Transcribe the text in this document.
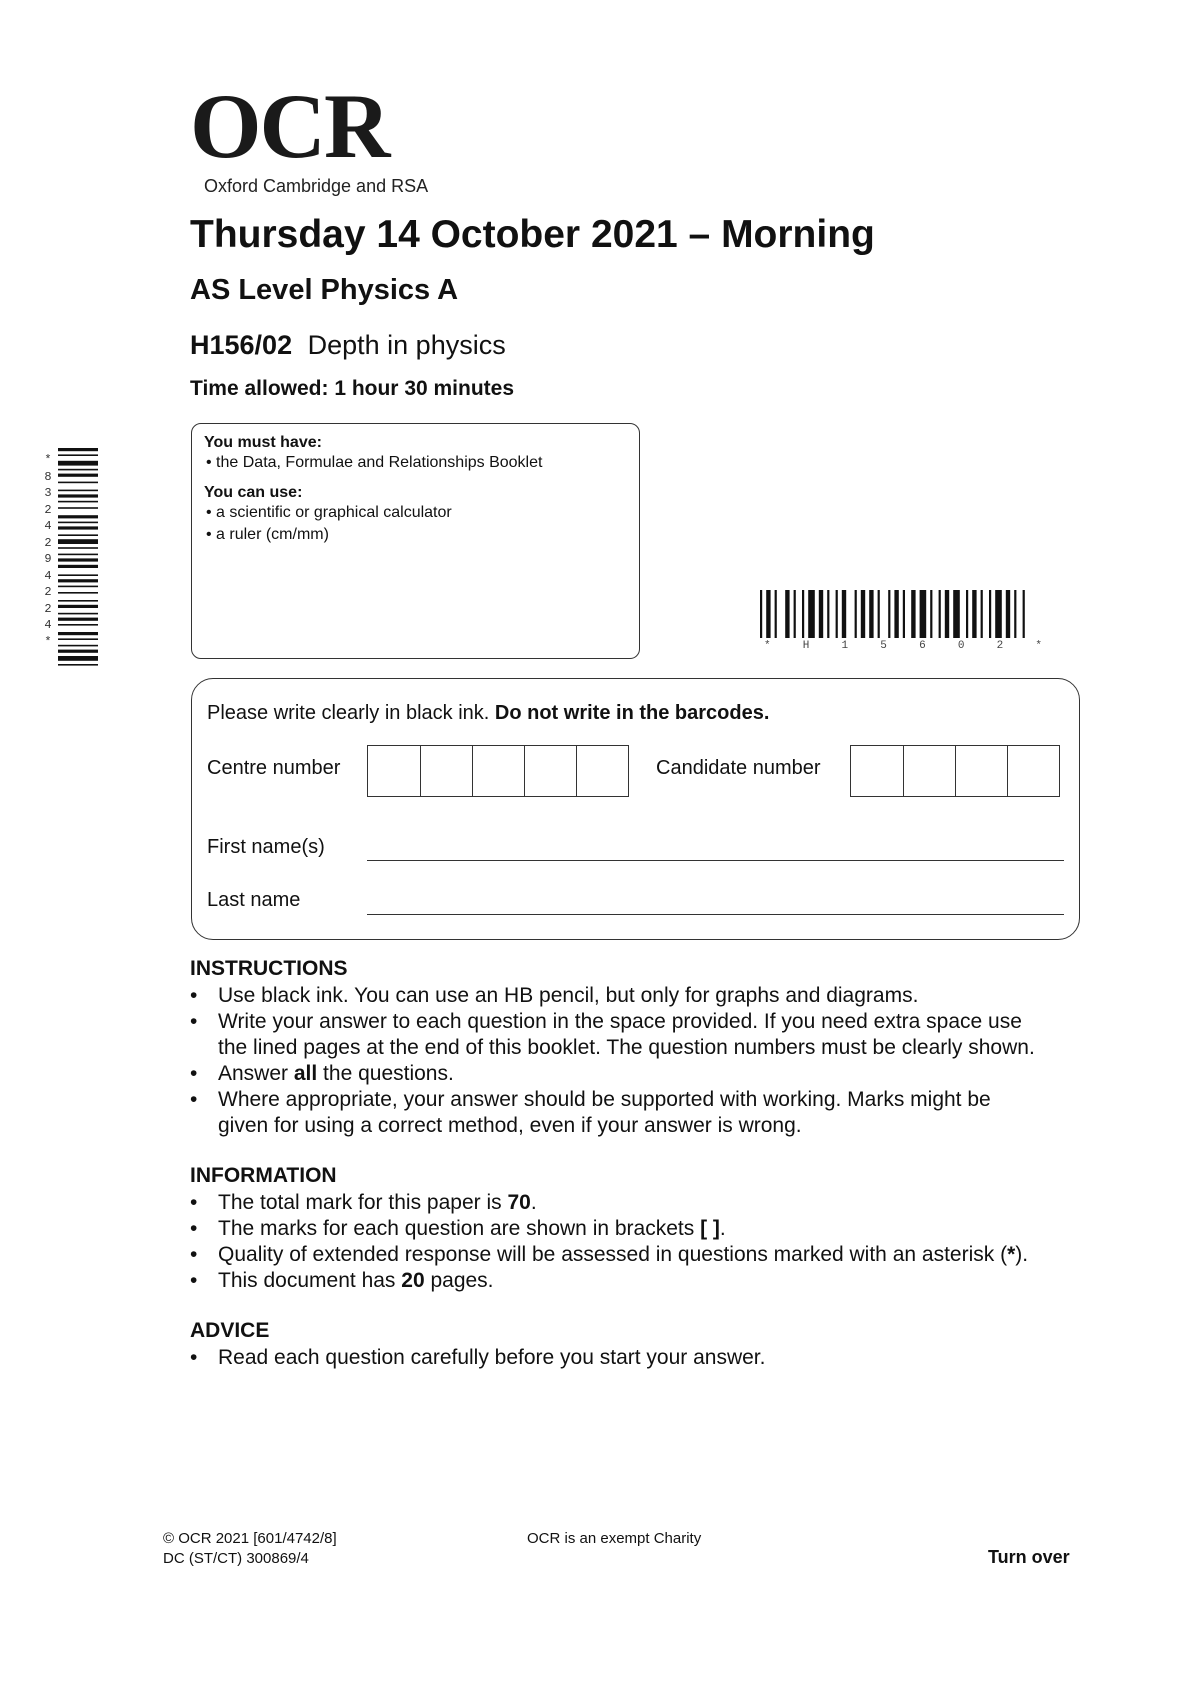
OCR
Oxford Cambridge and RSA
Thursday 14 October 2021 – Morning
AS Level Physics A
H156/02 Depth in physics
Time allowed: 1 hour 30 minutes
You must have:
• the Data, Formulae and Relationships Booklet
You can use:
• a scientific or graphical calculator
• a ruler (cm/mm)
*
8
3
2
4
2
9
4
2
2
4
*	*	H	1	5	6	0	2	*
Please write clearly in black ink. Do not write in the barcodes.
Centre number	Candidate number
First name(s)
Last name
INSTRUCTIONS
• Use black ink. You can use an HB pencil, but only for graphs and diagrams.
• Write your answer to each question in the space provided. If you need extra space use
the lined pages at the end of this booklet. The question numbers must be clearly shown.
• Answer all the questions.
• Where appropriate, your answer should be supported with working. Marks might be
given for using a correct method, even if your answer is wrong.
INFORMATION
• The total mark for this paper is 70.
• The marks for each question are shown in brackets [ ].
• Quality of extended response will be assessed in questions marked with an asterisk (*).
• This document has 20 pages.
ADVICE
• Read each question carefully before you start your answer.
© OCR 2021 [601/4742/8]
DC (ST/CT) 300869/4
OCR is an exempt Charity
Turn over
